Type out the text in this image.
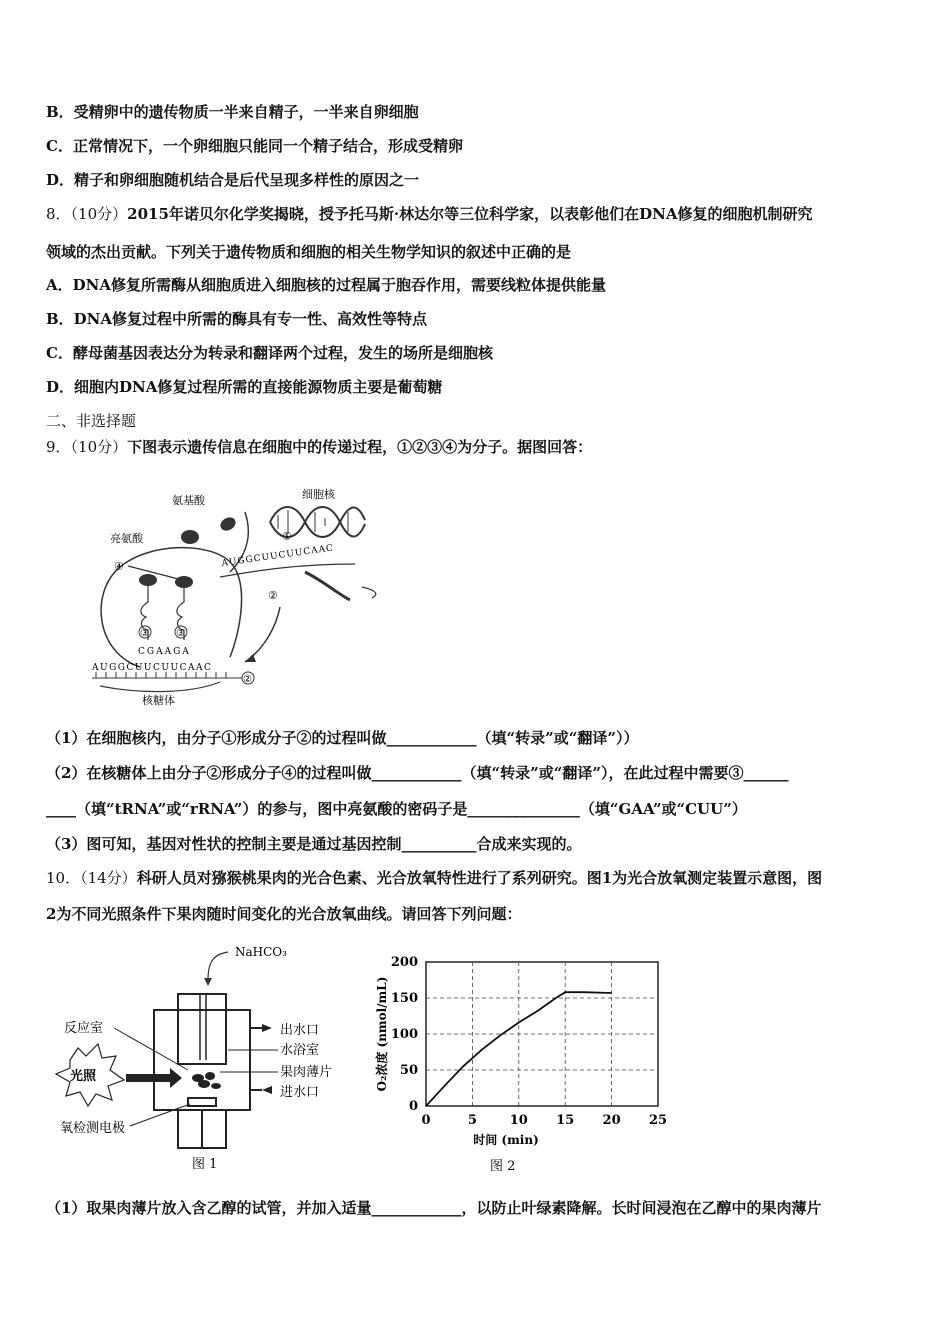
B．受精卵中的遗传物质一半来自精子，一半来自卵细胞
C．正常情况下，一个卵细胞只能同一个精子结合，形成受精卵
D．精子和卵细胞随机结合是后代呈现多样性的原因之一
8．（10分）2015年诺贝尔化学奖揭晓，授予托马斯·林达尔等三位科学家，以表彰他们在DNA修复的细胞机制研究
领域的杰出贡献。下列关于遗传物质和细胞的相关生物学知识的叙述中正确的是
A．DNA修复所需酶从细胞质进入细胞核的过程属于胞吞作用，需要线粒体提供能量
B．DNA修复过程中所需的酶具有专一性、高效性等特点
C．酵母菌基因表达分为转录和翻译两个过程，发生的场所是细胞核
D．细胞内DNA修复过程所需的直接能源物质主要是葡萄糖
二、非选择题
9．（10分）下图表示遗传信息在细胞中的传递过程，①②③④为分子。据图回答：
氨基酸	细胞核
亮氨酸
核糖体
①
AUGGCUUCUUCAAC
②
④
③	③
CGAAGA
AUGGCUUCUUCAAC
②
（1）在细胞核内，由分子①形成分子②的过程叫做____________（填“转录”或“翻译”））
（2）在核糖体上由分子②形成分子④的过程叫做____________（填“转录”或“翻译”），在此过程中需要③______
____（填“tRNA”或“rRNA”）的参与，图中亮氨酸的密码子是_______________（填“GAA”或“CUU”）
（3）图可知，基因对性状的控制主要是通过基因控制__________合成来实现的。
10．（14分）科研人员对猕猴桃果肉的光合色素、光合放氧特性进行了系列研究。图1为光合放氧测定装置示意图，图
2为不同光照条件下果肉随时间变化的光合放氧曲线。请回答下列问题：
NaHCO₃
出水口
水浴室
果肉薄片
进水口
反应室
光照
氧检测电极
图 1
O₂浓度 (nmol/mL)
时间 (min)
图 2
0
50
100
150
200
0	5	10 15 20 25
（1）取果肉薄片放入含乙醇的试管，并加入适量____________，以防止叶绿素降解。长时间浸泡在乙醇中的果肉薄片
